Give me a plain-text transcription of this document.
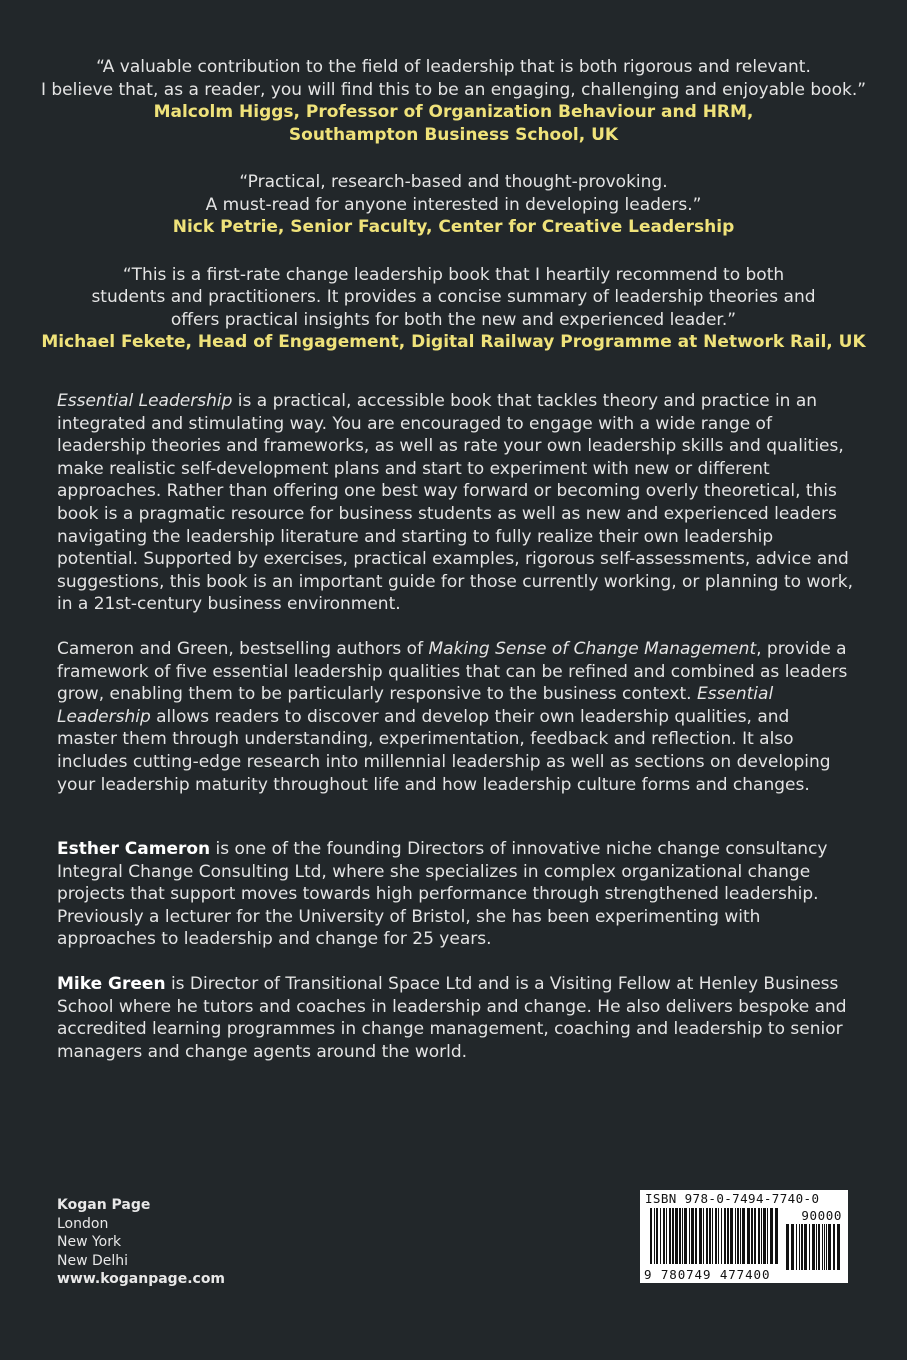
“A valuable contribution to the field of leadership that is both rigorous and relevant.
I believe that, as a reader, you will find this to be an engaging, challenging and enjoyable book.”
Malcolm Higgs, Professor of Organization Behaviour and HRM,
Southampton Business School, UK
“Practical, research-based and thought-provoking.
A must-read for anyone interested in developing leaders.”
Nick Petrie, Senior Faculty, Center for Creative Leadership
“This is a first-rate change leadership book that I heartily recommend to both
students and practitioners. It provides a concise summary of leadership theories and
offers practical insights for both the new and experienced leader.”
Michael Fekete, Head of Engagement, Digital Railway Programme at Network Rail, UK

Essential Leadership is a practical, accessible book that tackles theory and practice in an integrated and stimulating way. You are encouraged to engage with a wide range of leadership theories and frameworks, as well as rate your own leadership skills and qualities, make realistic self-development plans and start to experiment with new or different approaches. Rather than offering one best way forward or becoming overly theoretical, this book is a pragmatic resource for business students as well as new and experienced leaders navigating the leadership literature and starting to fully realize their own leadership potential. Supported by exercises, practical examples, rigorous self-assessments, advice and suggestions, this book is an important guide for those currently working, or planning to work, in a 21st-century business environment.

Cameron and Green, bestselling authors of Making Sense of Change Management, provide a framework of five essential leadership qualities that can be refined and combined as leaders grow, enabling them to be particularly responsive to the business context. Essential Leadership allows readers to discover and develop their own leadership qualities, and master them through understanding, experimentation, feedback and reflection. It also includes cutting-edge research into millennial leadership as well as sections on developing your leadership maturity throughout life and how leadership culture forms and changes.

Esther Cameron is one of the founding Directors of innovative niche change consultancy Integral Change Consulting Ltd, where she specializes in complex organizational change projects that support moves towards high performance through strengthened leadership. Previously a lecturer for the University of Bristol, she has been experimenting with approaches to leadership and change for 25 years.

Mike Green is Director of Transitional Space Ltd and is a Visiting Fellow at Henley Business School where he tutors and coaches in leadership and change. He also delivers bespoke and accredited learning programmes in change management, coaching and leadership to senior managers and change agents around the world.

Kogan Page
London
New York
New Delhi
www.koganpage.com
ISBN 978-0-7494-7740-0
90000
9 780749 477400
